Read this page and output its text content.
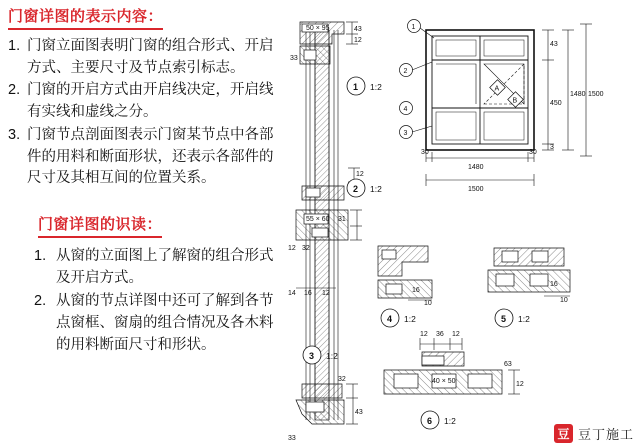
门窗详图的表示内容：
1. 门窗立面图表明门窗的组合形式、开启方式、主要尺寸及节点索引标志。
2. 门窗的开启方式由开启线决定，开启线有实线和虚线之分。
3. 门窗节点剖面图表示门窗某节点中各部件的用料和断面形状，还表示各部件的尺寸及其相互间的位置关系。
门窗详图的识读：
1. 从窗的立面图上了解窗的组合形式及开启方式。
2. 从窗的节点详图中还可了解到各节点窗框、窗扇的组合情况及各木料的用料断面尺寸和形状。
50 × 95	43
12
33
1 1:2
12
2 1:2
55 × 60 31
12 32
14 16 12
3 1:2
32
43
33
1
2
3
4
A
B
30
1480
30
1500
43
450
3
1480 1500
16
10
4 1:2
16
10
5 1:2
12 36 12
40 × 50
63
12
6 1:2
豆 豆丁施工
